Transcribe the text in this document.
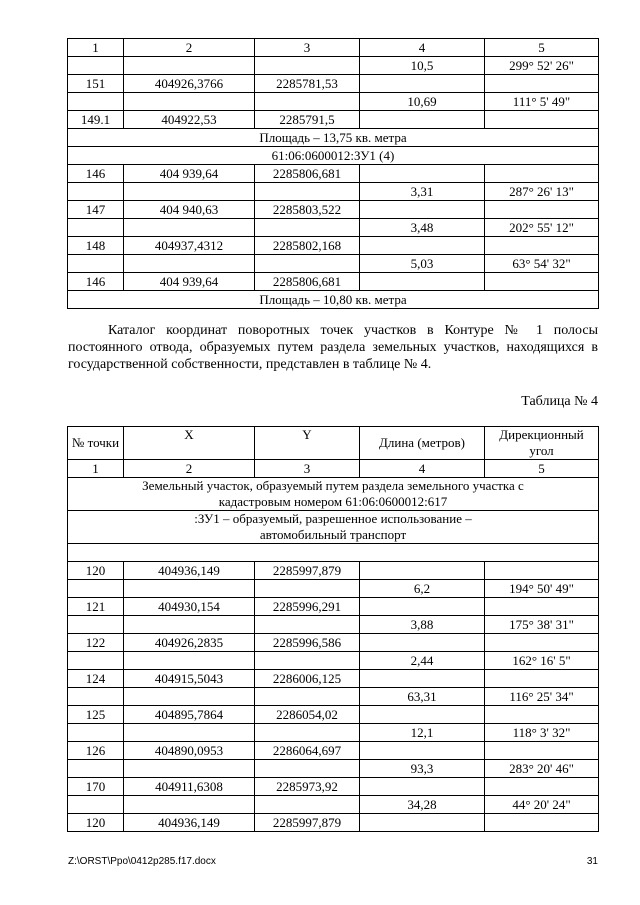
1	2	3	4	5
			10,5	299° 52' 26"
151	404926,3766	2285781,53		
			10,69	111° 5' 49"
149.1	404922,53	2285791,5		
Площадь – 13,75 кв. метра				
61:06:0600012:ЗУ1 (4)				
146	404 939,64	2285806,681		
			3,31	287° 26' 13"
147	404 940,63	2285803,522		
			3,48	202° 55' 12"
148	404937,4312	2285802,168		
			5,03	63° 54' 32"
146	404 939,64	2285806,681		
Площадь – 10,80 кв. метра				
Каталог координат поворотных точек участков в Контуре № 1 полосы постоянного отвода, образуемых путем раздела земельных участков, находящихся в государственной собственности, представлен в таблице № 4.
Таблица № 4
№ точки	X	Y	Длина (метров)	Дирекционный угол
1	2	3	4	5
Земельный участок, образуемый путем раздела земельного участка с кадастровым номером 61:06:0600012:617				
:ЗУ1 – образуемый, разрешенное использование – автомобильный транспорт				

120	404936,149	2285997,879		
			6,2	194° 50' 49"
121	404930,154	2285996,291		
			3,88	175° 38' 31"
122	404926,2835	2285996,586		
			2,44	162° 16' 5"
124	404915,5043	2286006,125		
			63,31	116° 25' 34"
125	404895,7864	2286054,02		
			12,1	118° 3' 32"
126	404890,0953	2286064,697		
			93,3	283° 20' 46"
170	404911,6308	2285973,92		
			34,28	44° 20' 24"
120	404936,149	2285997,879		
Z:\ORST\Ppo\0412p285.f17.docx	31
